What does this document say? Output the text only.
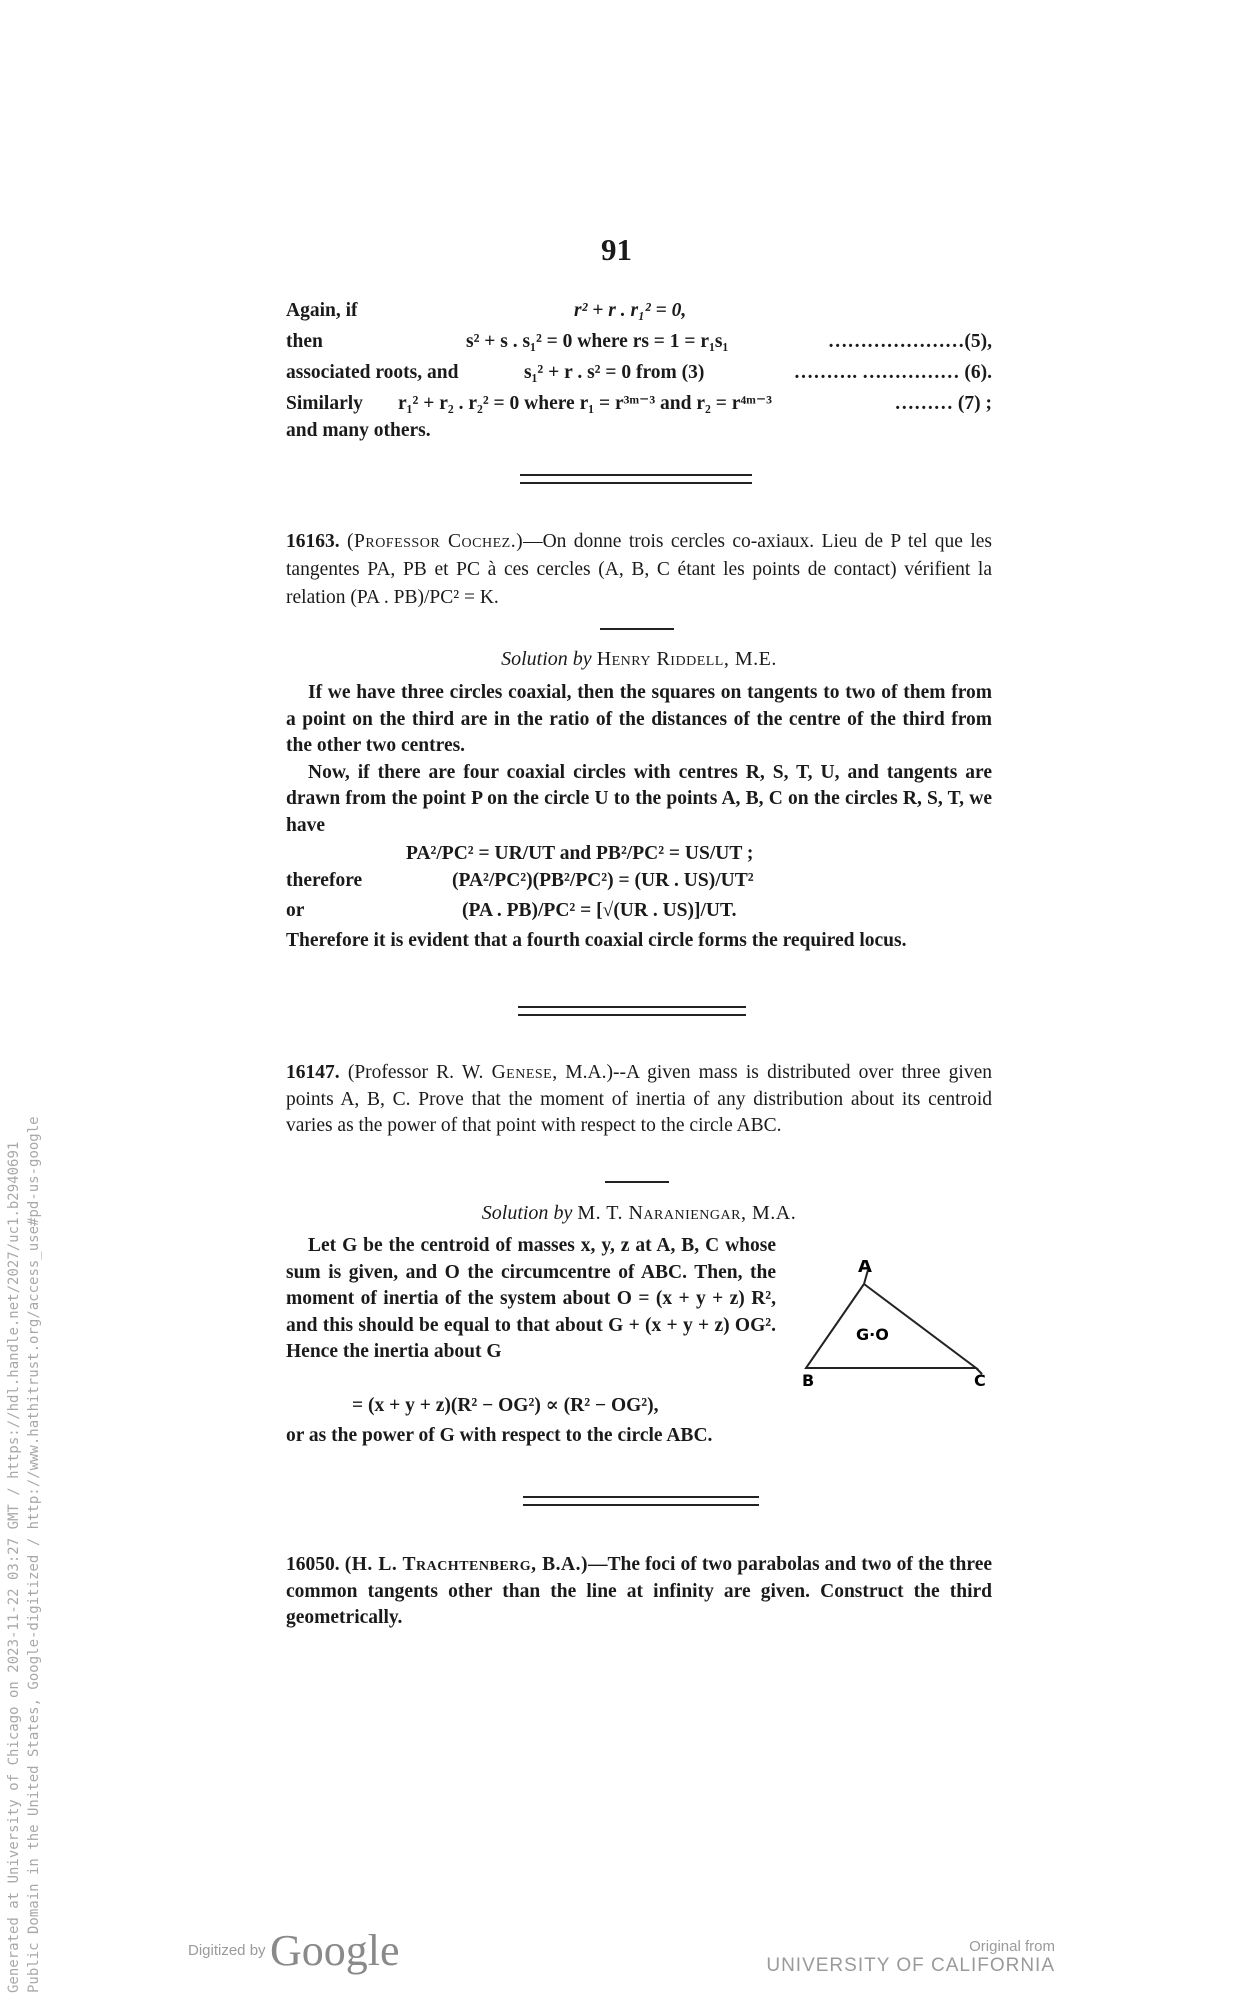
91
Again, if	r² + r . r₁² = 0,
then	s² + s . s₁² = 0 where rs = 1 = r₁s₁	…………………(5),
associated roots, and	s₁² + r . s² = 0 from (3)	………. …………… (6).
Similarly r₁² + r₂ . r₂² = 0 where r₁ = r³ᵐ⁻³ and r₂ = r⁴ᵐ⁻³	……… (7) ;
and many others.
16163. (Professor Cochez.)—On donne trois cercles co-axiaux. Lieu de P tel que les tangentes PA, PB et PC à ces cercles (A, B, C étant les points de contact) vérifient la relation (PA . PB)/PC² = K.
Solution by Henry Riddell, M.E.
If we have three circles coaxial, then the squares on tangents to two of them from a point on the third are in the ratio of the distances of the centre of the third from the other two centres.
Now, if there are four coaxial circles with centres R, S, T, U, and tangents are drawn from the point P on the circle U to the points A, B, C on the circles R, S, T, we have
PA²/PC² = UR/UT and PB²/PC² = US/UT ;
therefore	(PA²/PC²)(PB²/PC²) = (UR . US)/UT²
or	(PA . PB)/PC² = [√(UR . US)]/UT.
Therefore it is evident that a fourth coaxial circle forms the required locus.
16147. (Professor R. W. Genese, M.A.)--A given mass is distributed over three given points A, B, C. Prove that the moment of inertia of any distribution about its centroid varies as the power of that point with respect to the circle ABC.
Solution by M. T. Naraniengar, M.A.
Let G be the centroid of masses x, y, z at A, B, C whose sum is given, and O the circumcentre of ABC. Then, the moment of inertia of the system about O = (x + y + z) R², and this should be equal to that about G + (x + y + z) OG². Hence the inertia about G
= (x + y + z)(R² − OG²) ∝ (R² − OG²),
or as the power of G with respect to the circle ABC.
A
B	C
G·O
16050. (H. L. Trachtenberg, B.A.)—The foci of two parabolas and two of the three common tangents other than the line at infinity are given. Construct the third geometrically.
Generated at University of Chicago on 2023-11-22 03:27 GMT / https://hdl.handle.net/2027/uc1.b2940691 Public Domain in the United States, Google-digitized / http://www.hathitrust.org/access_use#pd-us-google	Digitized by Google	Original from
UNIVERSITY OF CALIFORNIA
